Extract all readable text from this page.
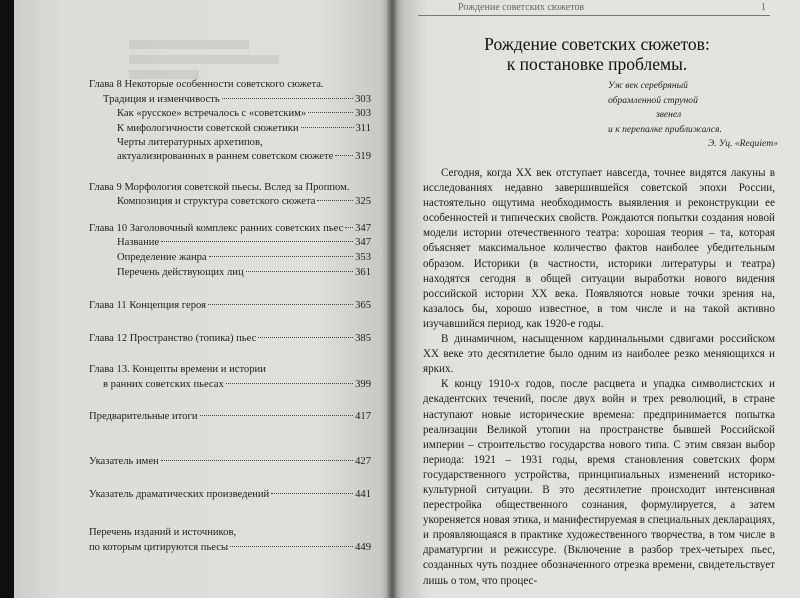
Рождение советских сюжетов	1
Глава 8 Некоторые особенности советского сюжета.
Традиция и изменчивость	303
Как «русское» встречалось с «советским»	303
К мифологичности советской сюжетики	311
Черты литературных архетипов,
актуализированных в раннем советском сюжете 319
Глава 9 Морфология советской пьесы. Вслед за Проппом.
Композиция и структура советского сюжета	325
Глава 10 Заголовочный комплекс ранних советских пьес 347
Название	347
Определение жанра	353
Перечень действующих лиц	361
Глава 11 Концепция героя	365
Глава 12 Пространство (топика) пьес	385
Глава 13. Концепты времени и истории
в ранних советских пьесах	399
Предварительные итоги	417
Указатель имен	427
Указатель драматических произведений	441
Перечень изданий и источников,
по которым цитируются пьесы	449
Рождение советских сюжетов:
к постановке проблемы.
Уж век серебряный
обрамленной струной
звенел
и к перепалке приближался.
Э. Уц. «Requiem»

Сегодня, когда XX век отступает навсегда, точнее видятся лакуны в исследованиях недавно завершившейся советской эпохи России, настоятельно ощутима необходимость выявления и реконструкции ее особенностей и типических свойств. Рождаются попытки создания новой модели истории отечественного театра: хорошая теория – та, которая объясняет максимальное количество фактов наиболее убедительным образом. Историки (в частности, историки литературы и театра) находятся сегодня в общей ситуации выработки нового видения российской истории XX века. Появляются новые точки зрения на, казалось бы, хорошо известное, в том числе и на такой активно изучавшийся период, как 1920-е годы.

В динамичном, насыщенном кардинальными сдвигами российском XX веке это десятилетие было одним из наиболее резко меняющихся и ярких.

К концу 1910-х годов, после расцвета и упадка символистских и декадентских течений, после двух войн и трех революций, в стране наступают новые исторические времена: предпринимается попытка реализации Великой утопии на пространстве бывшей Российской империи – строительство государства нового типа. С этим связан выбор периода: 1921 – 1931 годы, время становления советских форм государственного устройства, принципиальных изменений историко-культурной ситуации. В это десятилетие происходит интенсивная перестройка общественного сознания, формулируется, а затем укореняется новая этика, и манифестируемая в специальных декларациях, и проявляющаяся в практике художественного творчества, в том числе в драматургии и режиссуре. (Включение в разбор трех-четырех пьес, созданных чуть позднее обозначенного отрезка времени, свидетельствует лишь о том, что процес-
